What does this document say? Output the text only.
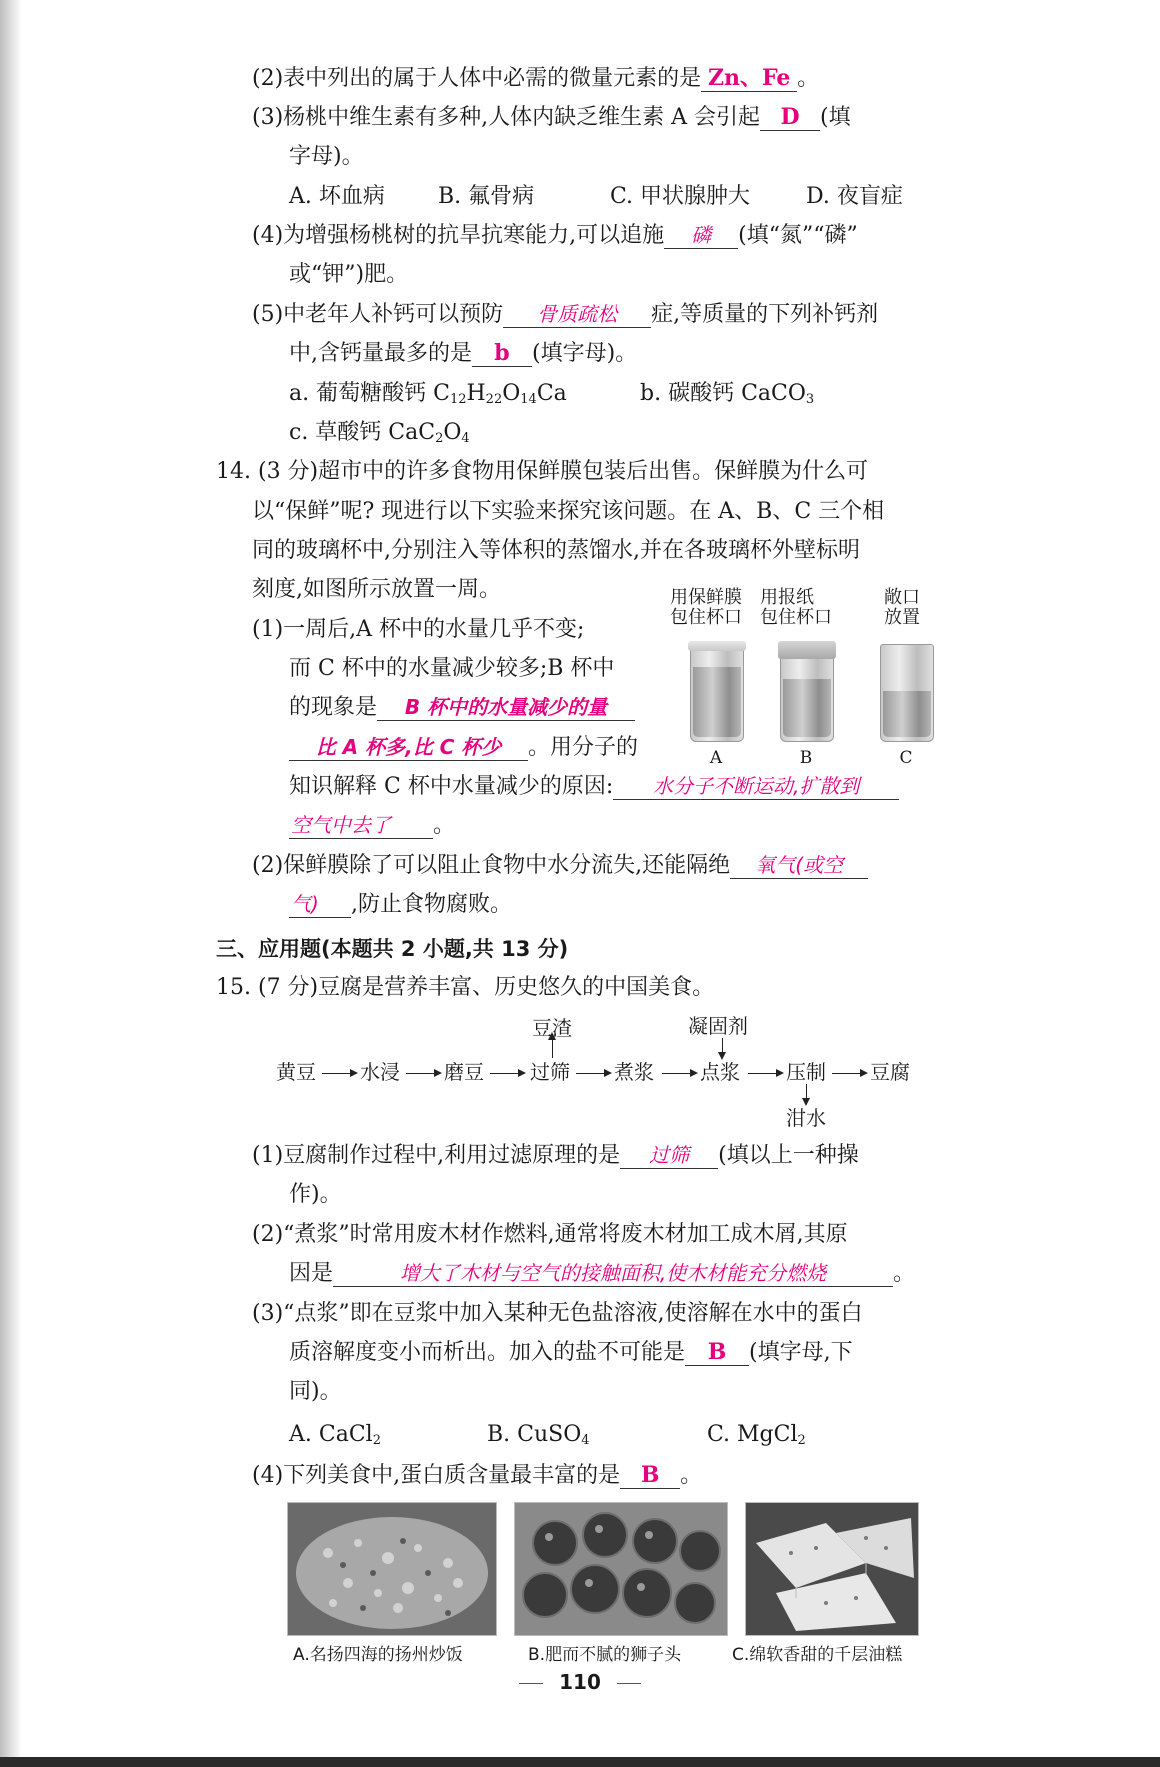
(2)表中列出的属于人体中必需的微量元素的是 Zn、Fe 。
(3)杨桃中维生素有多种,人体内缺乏维生素 A 会引起 D (填
字母)。
A. 坏血病 B. 氟骨病	C. 甲状腺肿大	D. 夜盲症
(4)为增强杨桃树的抗旱抗寒能力,可以追施 磷 (填“氮”“磷”
或“钾”)肥。
(5)中老年人补钙可以预防 骨质疏松 症,等质量的下列补钙剂
中,含钙量最多的是 b (填字母)。
a. 葡萄糖酸钙 $C_{12}H_{22}O_{14}Ca$	b. 碳酸钙 CaCO$_3$
c. 草酸钙 $CaC_2O_4$
14. (3 分)超市中的许多食物用保鲜膜包装后出售。保鲜膜为什么可
以“保鲜”呢? 现进行以下实验来探究该问题。在 A、B、C 三个相
同的玻璃杯中,分别注入等体积的蒸馏水,并在各玻璃杯外壁标明
刻度,如图所示放置一周。
(1)一周后,A 杯中的水量几乎不变;
而 C 杯中的水量减少较多;B 杯中
的现象是 B 杯中的水量减少的量
比 A 杯多,比 C 杯少 。用分子的
知识解释 C 杯中水量减少的原因: 水分子不断运动,扩散到
空气中去了 。
(2)保鲜膜除了可以阻止食物中水分流失,还能隔绝 氧气(或空
气) ,防止食物腐败。
用保鲜膜
包住杯口
用报纸
包住杯口
敞口
放置
A	B	C
三、应用题(本题共 2 小题,共 13 分)
15. (7 分)豆腐是营养丰富、历史悠久的中国美食。
黄豆 水浸 磨豆 过筛
豆渣
煮浆 点浆
凝固剂
压制
泔水
豆腐
(1)豆腐制作过程中,利用过滤原理的是 过筛 (填以上一种操
作)。
(2)“煮浆”时常用废木材作燃料,通常将废木材加工成木屑,其原
因是	增大了木材与空气的接触面积,使木材能充分燃烧	。
(3)“点浆”即在豆浆中加入某种无色盐溶液,使溶解在水中的蛋白
质溶解度变小而析出。加入的盐不可能是 B (填字母,下
同)。
A. CaCl$_2$	B. CuSO$_4$	C. MgCl$_2$
(4)下列美食中,蛋白质含量最丰富的是 B 。
A.名扬四海的扬州炒饭	B.肥而不腻的狮子头	C.绵软香甜的千层油糕
110
